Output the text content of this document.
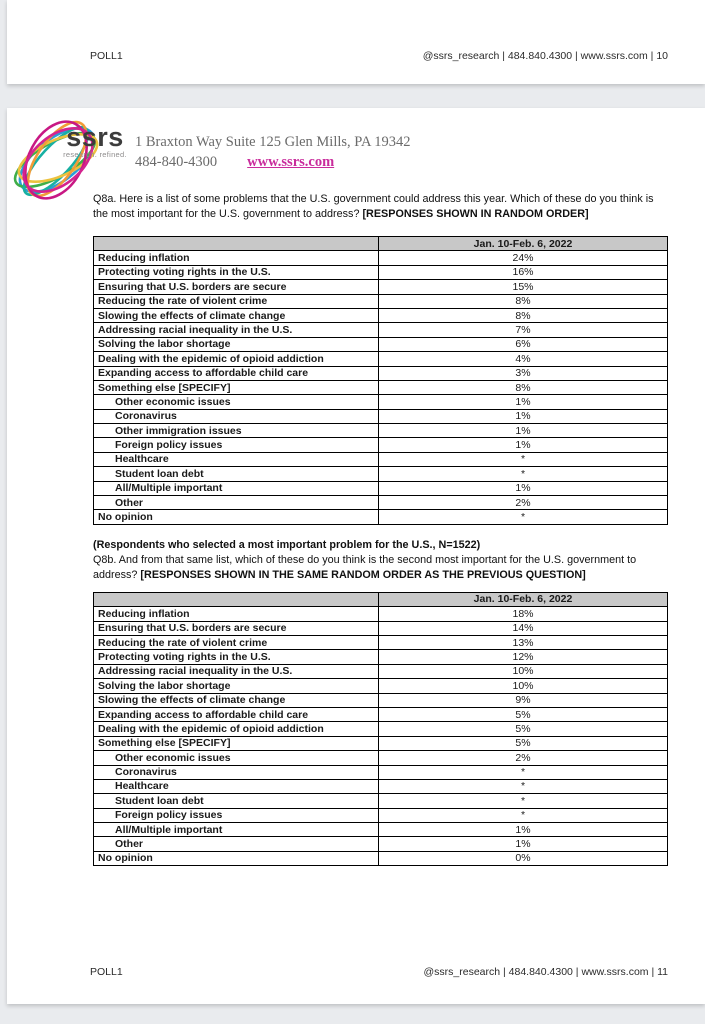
POLL1	@ssrs_research | 484.840.4300 | www.ssrs.com | 10
ssrs
research. refined.
1 Braxton Way Suite 125 Glen Mills, PA 19342
484-840-4300 www.ssrs.com

Q8a. Here is a list of some problems that the U.S. government could address this year. Which of these do you think is the most important for the U.S. government to address? [RESPONSES SHOWN IN RANDOM ORDER]

	Jan. 10-Feb. 6, 2022
Reducing inflation	24%
Protecting voting rights in the U.S.	16%
Ensuring that U.S. borders are secure	15%
Reducing the rate of violent crime	8%
Slowing the effects of climate change	8%
Addressing racial inequality in the U.S.	7%
Solving the labor shortage	6%
Dealing with the epidemic of opioid addiction	4%
Expanding access to affordable child care	3%
Something else [SPECIFY]	8%
Other economic issues	1%
Coronavirus	1%
Other immigration issues	1%
Foreign policy issues	1%
Healthcare	*
Student loan debt	*
All/Multiple important	1%
Other	2%
No opinion	*
(Respondents who selected a most important problem for the U.S., N=1522)
Q8b. And from that same list, which of these do you think is the second most important for the U.S. government to address? [RESPONSES SHOWN IN THE SAME RANDOM ORDER AS THE PREVIOUS QUESTION]
	Jan. 10-Feb. 6, 2022
Reducing inflation	18%
Ensuring that U.S. borders are secure	14%
Reducing the rate of violent crime	13%
Protecting voting rights in the U.S.	12%
Addressing racial inequality in the U.S.	10%
Solving the labor shortage	10%
Slowing the effects of climate change	9%
Expanding access to affordable child care	5%
Dealing with the epidemic of opioid addiction	5%
Something else [SPECIFY]	5%
Other economic issues	2%
Coronavirus	*
Healthcare	*
Student loan debt	*
Foreign policy issues	*
All/Multiple important	1%
Other	1%
No opinion	0%
POLL1	@ssrs_research | 484.840.4300 | www.ssrs.com | 11
